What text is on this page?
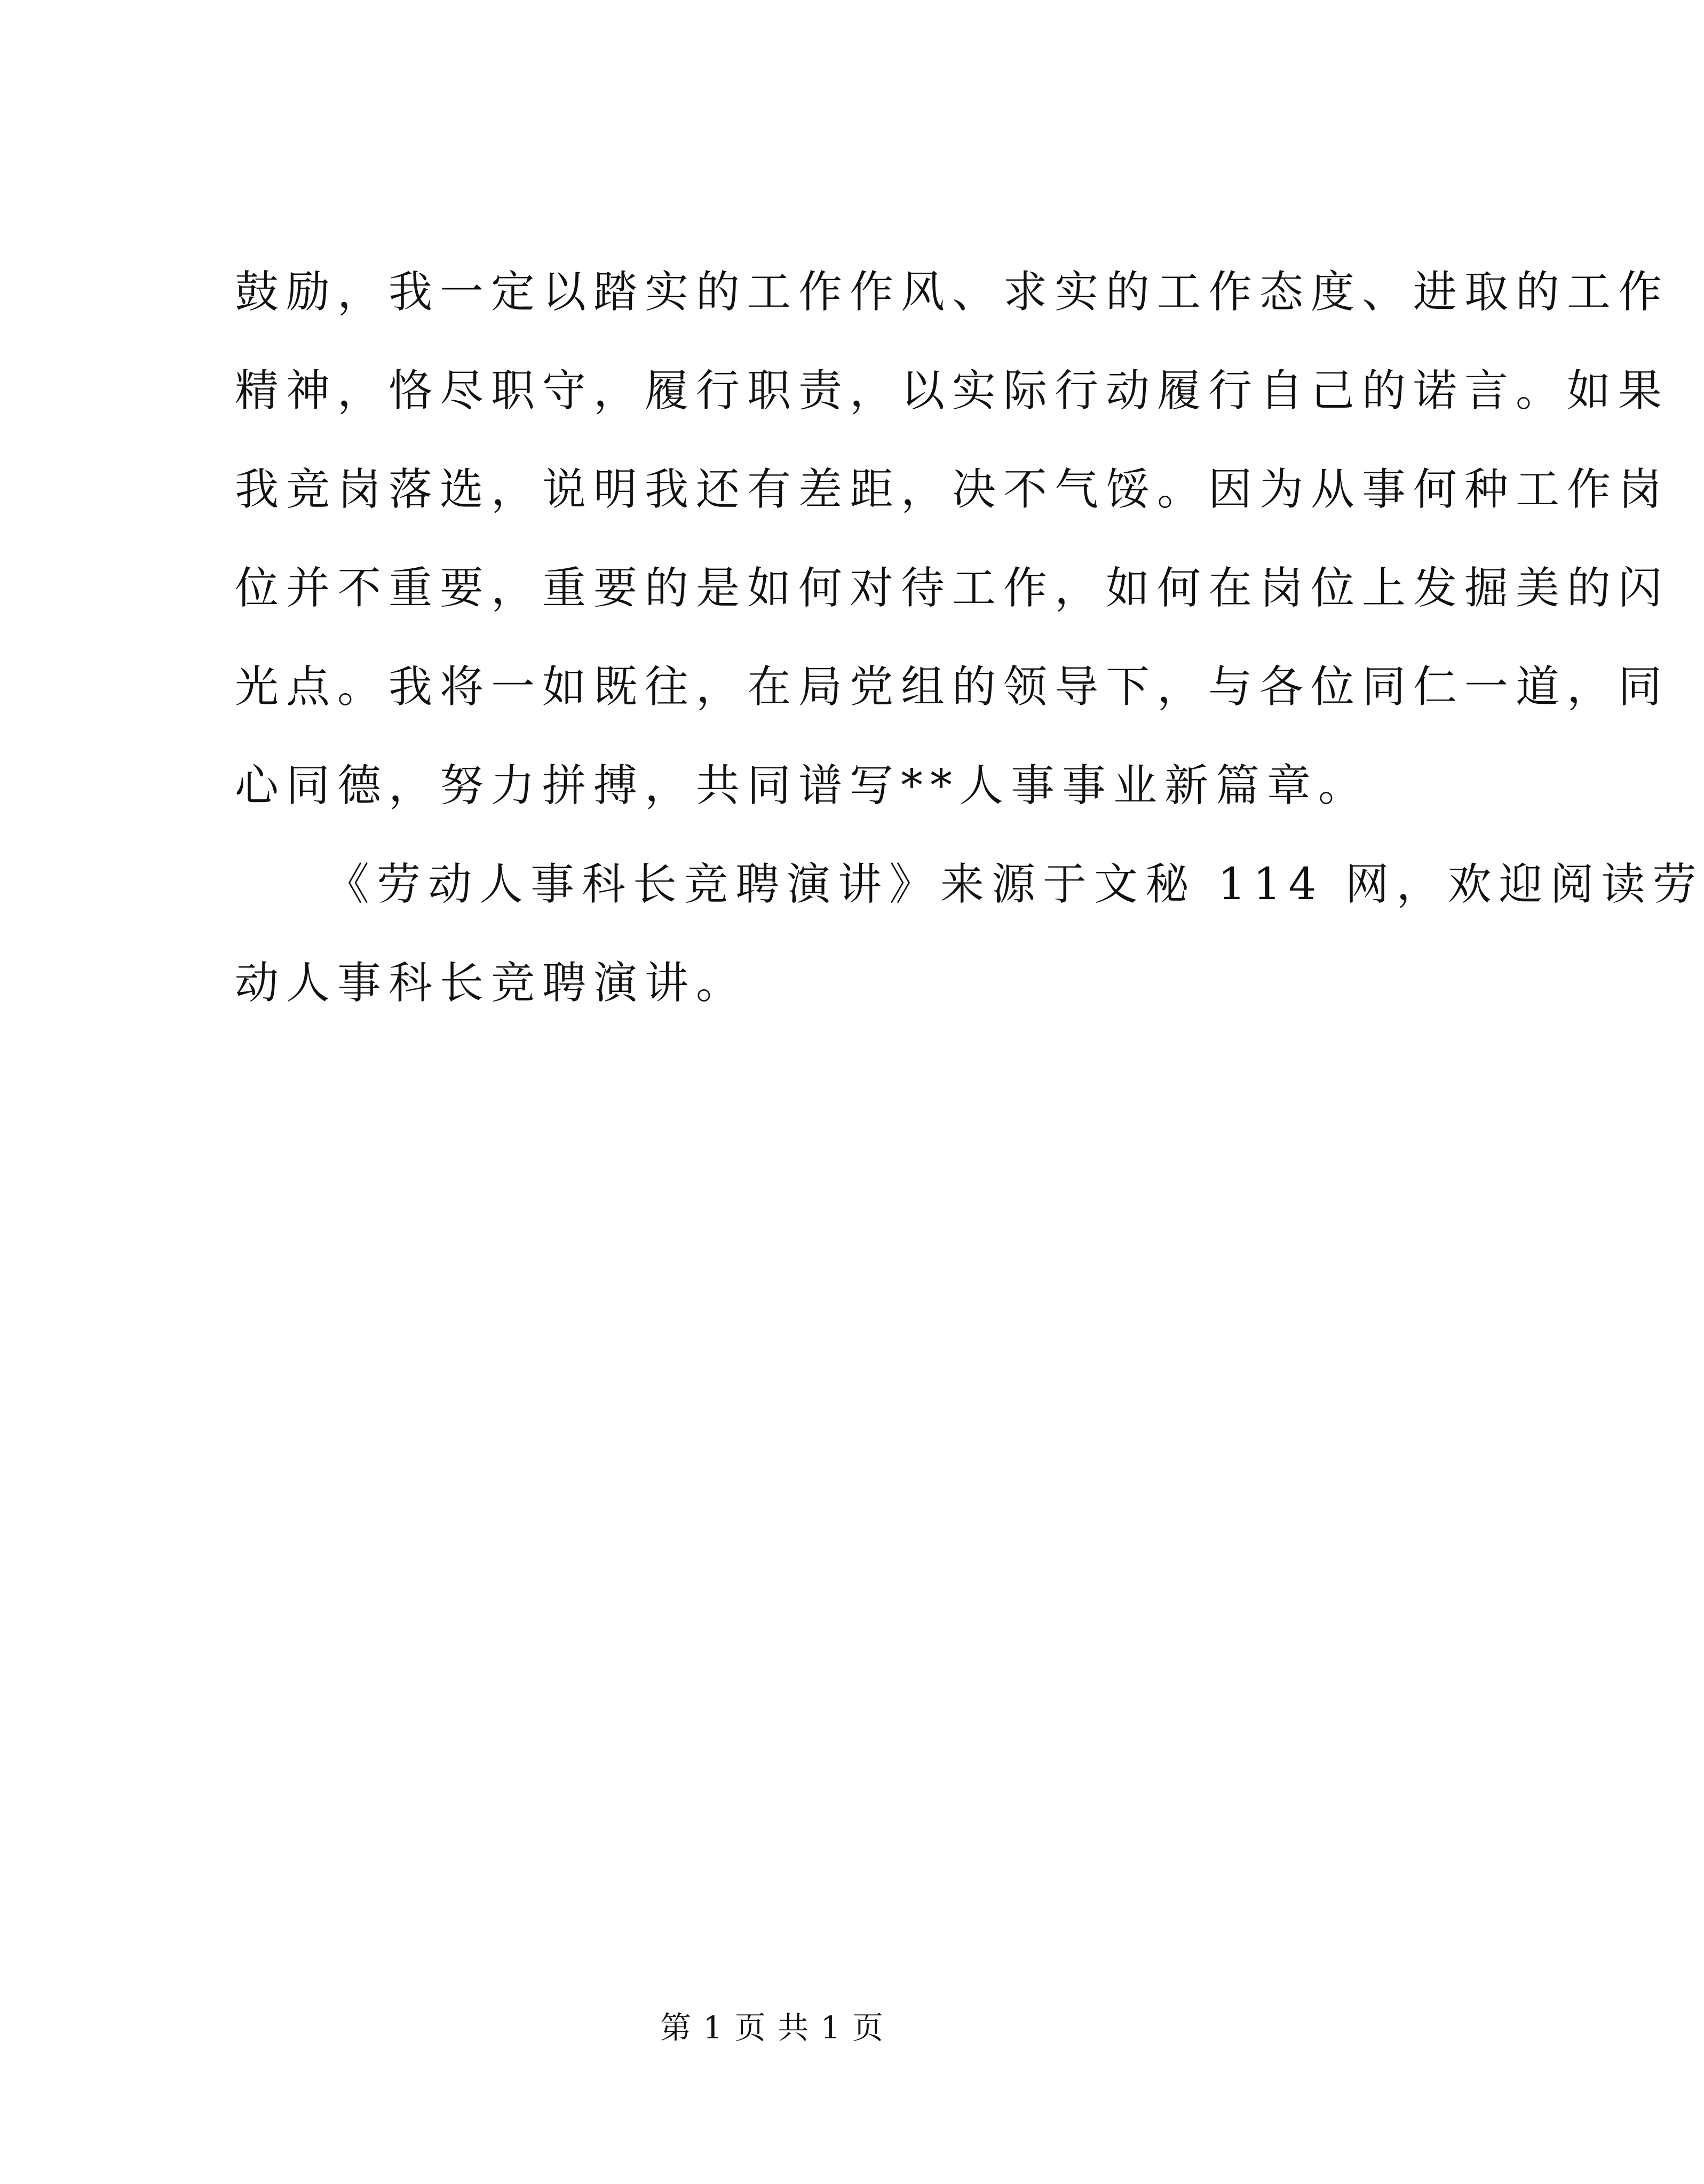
鼓励，我一定以踏实的工作作风、求实的工作态度、进取的工作
精神，恪尽职守，履行职责，以实际行动履行自己的诺言。如果
我竞岗落选，说明我还有差距，决不气馁。因为从事何种工作岗
位并不重要，重要的是如何对待工作，如何在岗位上发掘美的闪
光点。我将一如既往，在局党组的领导下，与各位同仁一道，同
心同德，努力拼搏，共同谱写**人事事业新篇章。
《劳动人事科长竞聘演讲》来源于文秘 114 网，欢迎阅读劳
动人事科长竞聘演讲。
第 1 页 共 1 页
